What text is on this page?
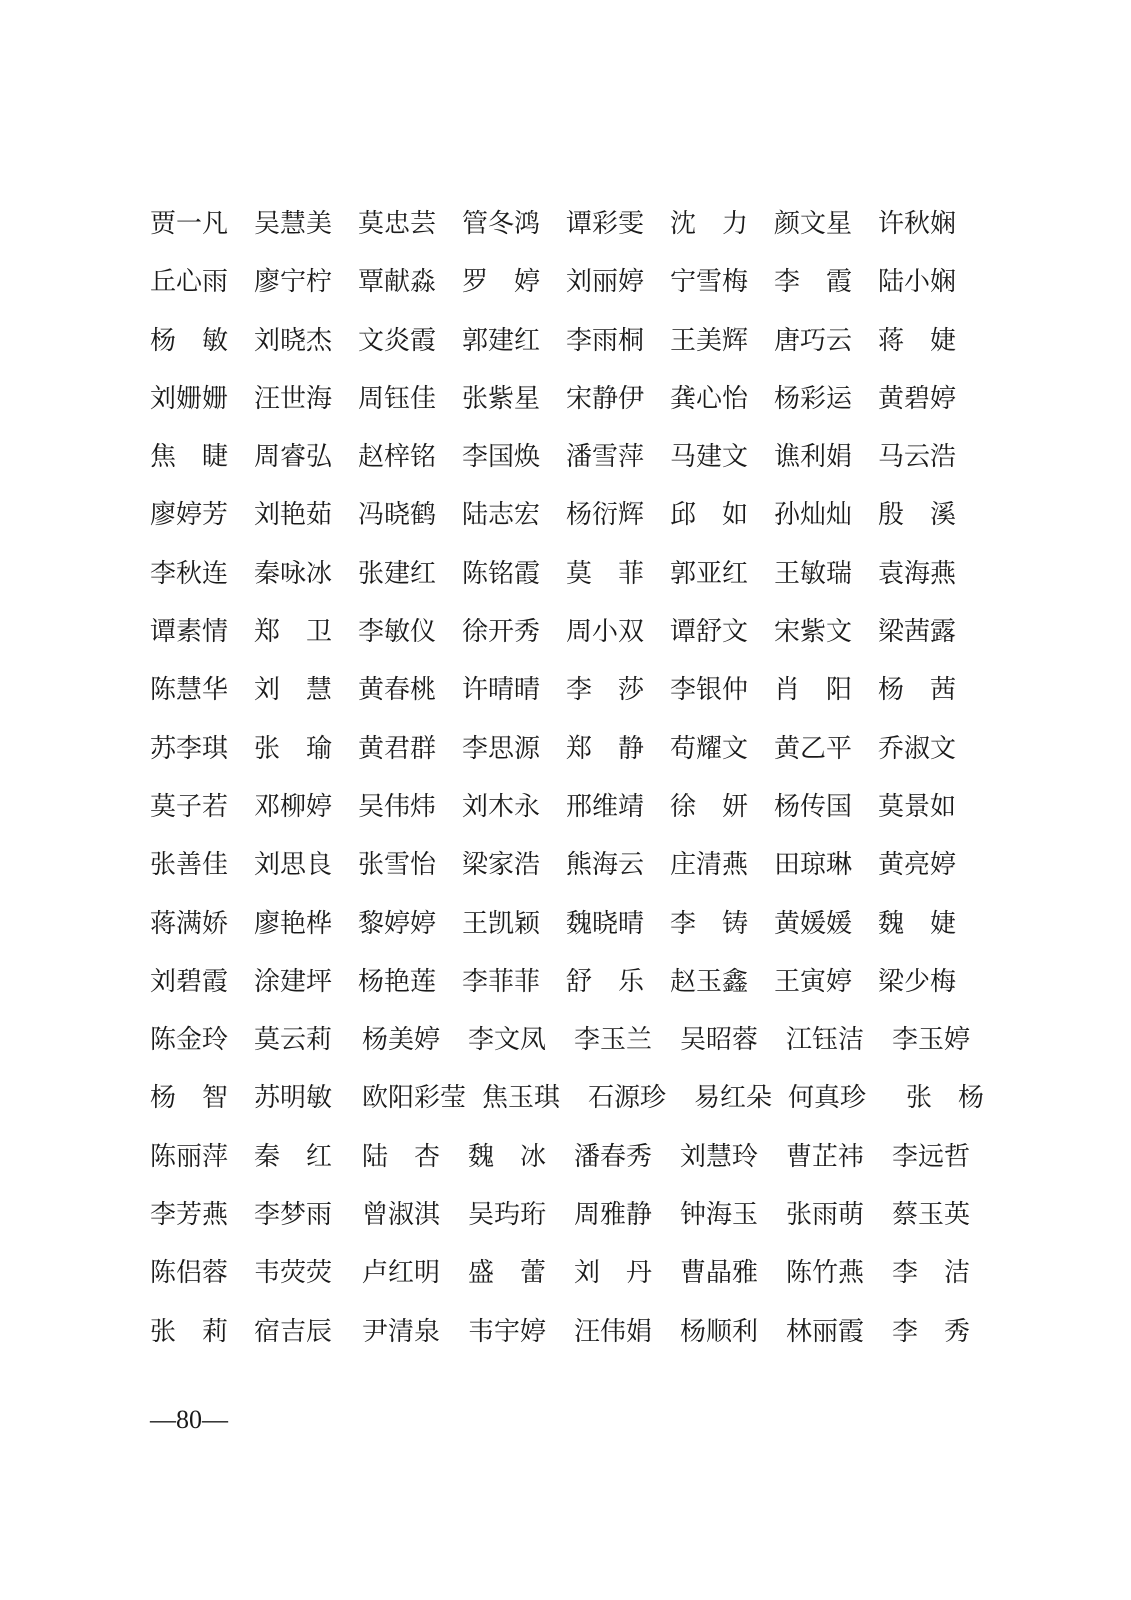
贾一凡 吴慧美 莫忠芸 管冬鸿 谭彩雯 沈　力 颜文星 许秋娴
丘心雨 廖宁柠 覃献淼 罗　婷 刘丽婷 宁雪梅 李　霞 陆小娴
杨　敏 刘晓杰 文炎霞 郭建红 李雨桐 王美辉 唐巧云 蒋　婕
刘姗姗 汪世海 周钰佳 张紫星 宋静伊 龚心怡 杨彩运 黄碧婷
焦　睫 周睿弘 赵梓铭 李国焕 潘雪萍 马建文 谯利娟 马云浩
廖婷芳 刘艳茹 冯晓鹤 陆志宏 杨衍辉 邱　如 孙灿灿 殷　溪
李秋连 秦咏冰 张建红 陈铭霞 莫　菲 郭亚红 王敏瑞 袁海燕
谭素情 郑　卫 李敏仪 徐开秀 周小双 谭舒文 宋紫文 梁茜露
陈慧华 刘　慧 黄春桃 许晴晴 李　莎 李银仲 肖　阳 杨　茜
苏李琪 张　瑜 黄君群 李思源 郑　静 苟耀文 黄乙平 乔淑文
莫子若 邓柳婷 吴伟炜 刘木永 邢维靖 徐　妍 杨传国 莫景如
张善佳 刘思良 张雪怡 梁家浩 熊海云 庄清燕 田琼琳 黄亮婷
蒋满娇 廖艳桦 黎婷婷 王凯颖 魏晓晴 李　铸 黄媛媛 魏　婕
刘碧霞 涂建坪 杨艳莲 李菲菲 舒　乐 赵玉鑫 王寅婷 梁少梅
陈金玲 莫云莉 杨美婷 李文凤 李玉兰 吴昭蓉 江钰洁 李玉婷
杨　智 苏明敏 欧阳彩莹 焦玉琪 石源珍 易红朵 何真珍 张　杨
陈丽萍 秦　红 陆　杏 魏　冰 潘春秀 刘慧玲 曹芷祎 李远哲
李芳燕 李梦雨 曾淑淇 吴玙珩 周雅静 钟海玉 张雨萌 蔡玉英
陈侣蓉 韦荧荧 卢红明 盛　蕾 刘　丹 曹晶雅 陈竹燕 李　洁
张　莉 宿吉辰 尹清泉 韦宇婷 汪伟娟 杨顺利 林丽霞 李　秀
—80—
